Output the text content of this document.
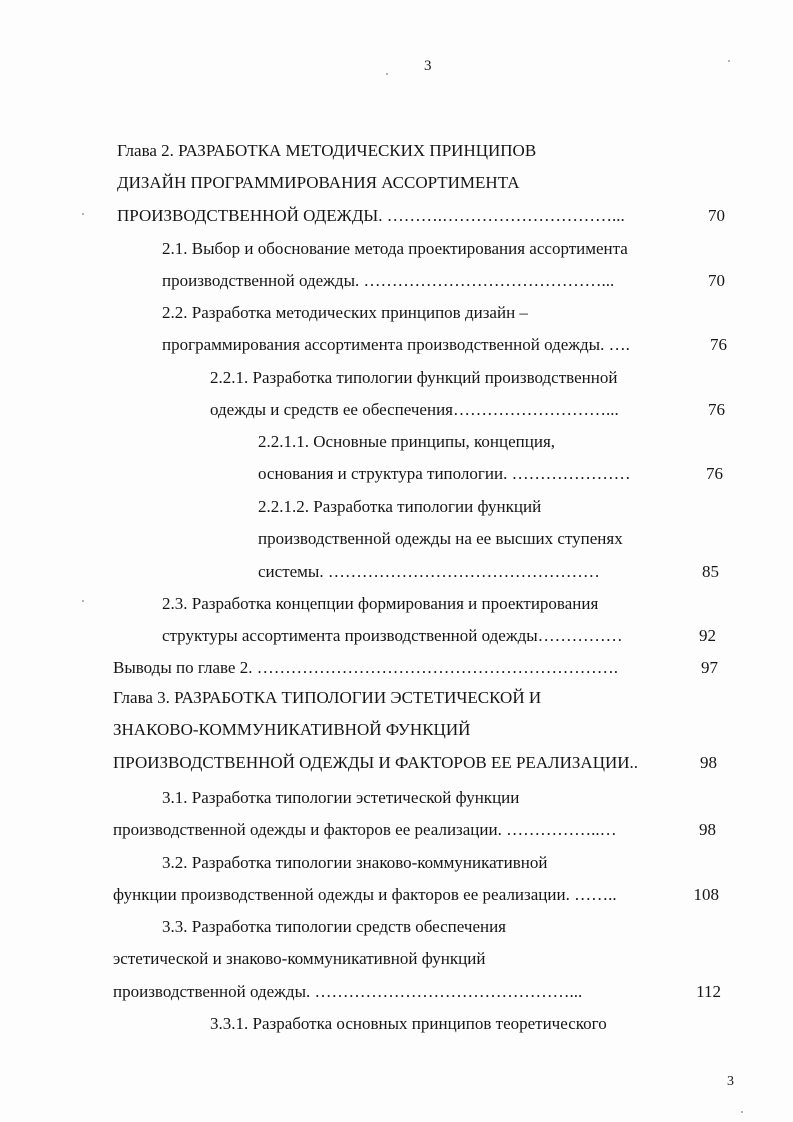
3
Глава 2. РАЗРАБОТКА МЕТОДИЧЕСКИХ ПРИНЦИПОВ
ДИЗАЙН ПРОГРАММИРОВАНИЯ АССОРТИМЕНТА
ПРОИЗВОДСТВЕННОЙ ОДЕЖДЫ. ……….…………………………...	70
2.1. Выбор и обоснование метода проектирования ассортимента
производственной одежды. ……………………………………...	70
2.2. Разработка методических принципов дизайн –
программирования ассортимента производственной одежды. ….	76
2.2.1. Разработка типологии функций производственной
одежды и средств ее обеспечения………………………...	76
2.2.1.1. Основные принципы, концепция,
основания и структура типологии. …………………	76
2.2.1.2. Разработка типологии функций
производственной одежды на ее высших ступенях
системы. …………………………………………	85
2.3. Разработка концепции формирования и проектирования
структуры ассортимента производственной одежды……………	92
Выводы по главе 2. ……………………………………………………….	97
Глава 3. РАЗРАБОТКА ТИПОЛОГИИ ЭСТЕТИЧЕСКОЙ И
ЗНАКОВО-КОММУНИКАТИВНОЙ ФУНКЦИЙ
ПРОИЗВОДСТВЕННОЙ ОДЕЖДЫ И ФАКТОРОВ ЕЕ РЕАЛИЗАЦИИ..	98
3.1. Разработка типологии эстетической функции
производственной одежды и факторов ее реализации. ……………..…	98
3.2. Разработка типологии знаково-коммуникативной
функции производственной одежды и факторов ее реализации. ……..	108
3.3. Разработка типологии средств обеспечения
эстетической и знаково-коммуникативной функций
производственной одежды. ………………………………………...	112
3.3.1. Разработка основных принципов теоретического
3
